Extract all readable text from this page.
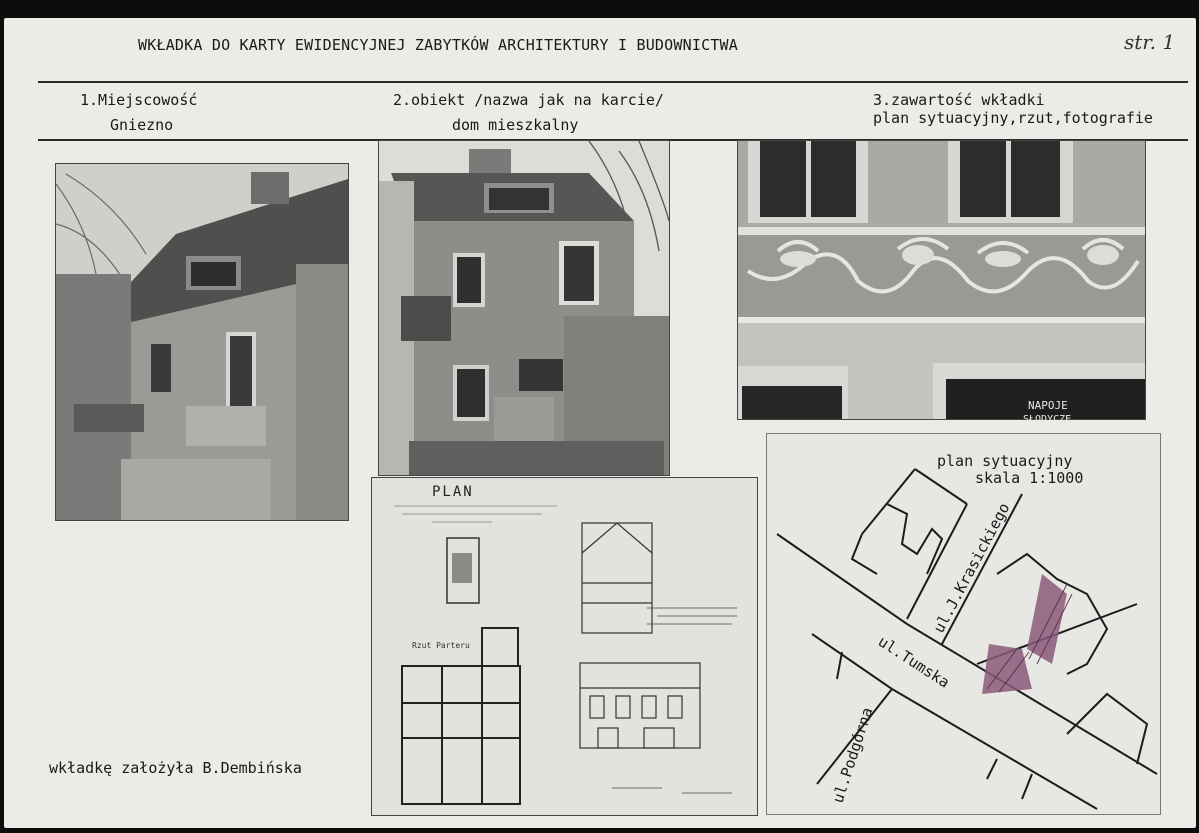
WKŁADKA DO KARTY EWIDENCYJNEJ ZABYTKÓW ARCHITEKTURY I BUDOWNICTWA	str. 1
1.Miejscowość
Gniezno
2.obiekt /nazwa jak na karcie/
dom mieszkalny
3.zawartość wkładki
plan sytuacyjny,rzut,fotografie
NAPOJE
SŁODYCZE
PLAN
Rzut Parteru
plan sytuacyjny
skala 1:1000
ul.J.Krasickiego
ul.Tumska
ul.Podgórna
wkładkę założyła B.Dembińska
